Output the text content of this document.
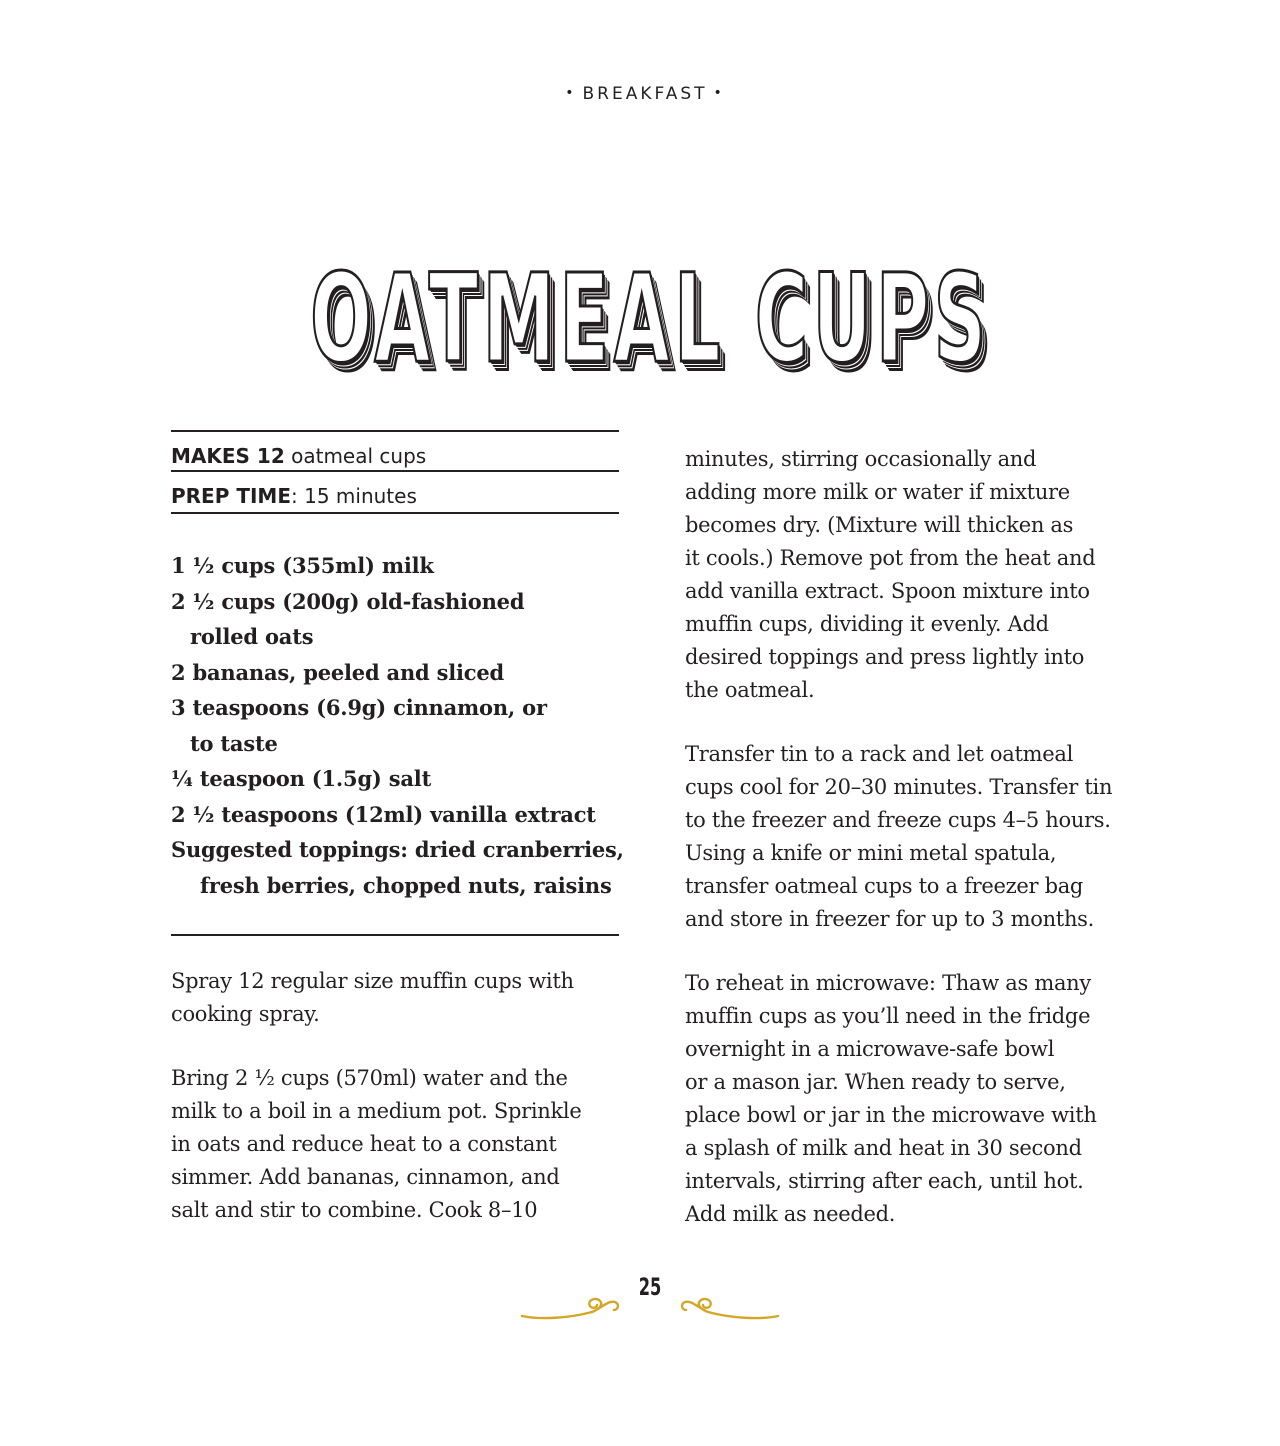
• BREAKFAST •
OATMEAL CUPS
MAKES 12 oatmeal cups
PREP TIME: 15 minutes
1 ½ cups (355ml) milk
2 ½ cups (200g) old-fashioned
rolled oats
2 bananas, peeled and sliced
3 teaspoons (6.9g) cinnamon, or
to taste
¼ teaspoon (1.5g) salt
2 ½ teaspoons (12ml) vanilla extract
Suggested toppings: dried cranberries,
fresh berries, chopped nuts, raisins

Spray 12 regular size muffin cups with

cooking spray.

Bring 2 ½ cups (570ml) water and the

milk to a boil in a medium pot. Sprinkle

in oats and reduce heat to a constant

simmer. Add bananas, cinnamon, and

salt and stir to combine. Cook 8–10

minutes, stirring occasionally and

adding more milk or water if mixture

becomes dry. (Mixture will thicken as

it cools.) Remove pot from the heat and

add vanilla extract. Spoon mixture into

muffin cups, dividing it evenly. Add

desired toppings and press lightly into

the oatmeal.

Transfer tin to a rack and let oatmeal

cups cool for 20–30 minutes. Transfer tin

to the freezer and freeze cups 4–5 hours.

Using a knife or mini metal spatula,

transfer oatmeal cups to a freezer bag

and store in freezer for up to 3 months.

To reheat in microwave: Thaw as many

muffin cups as you’ll need in the fridge

overnight in a microwave-safe bowl

or a mason jar. When ready to serve,

place bowl or jar in the microwave with

a splash of milk and heat in 30 second

intervals, stirring after each, until hot.

Add milk as needed.

25
